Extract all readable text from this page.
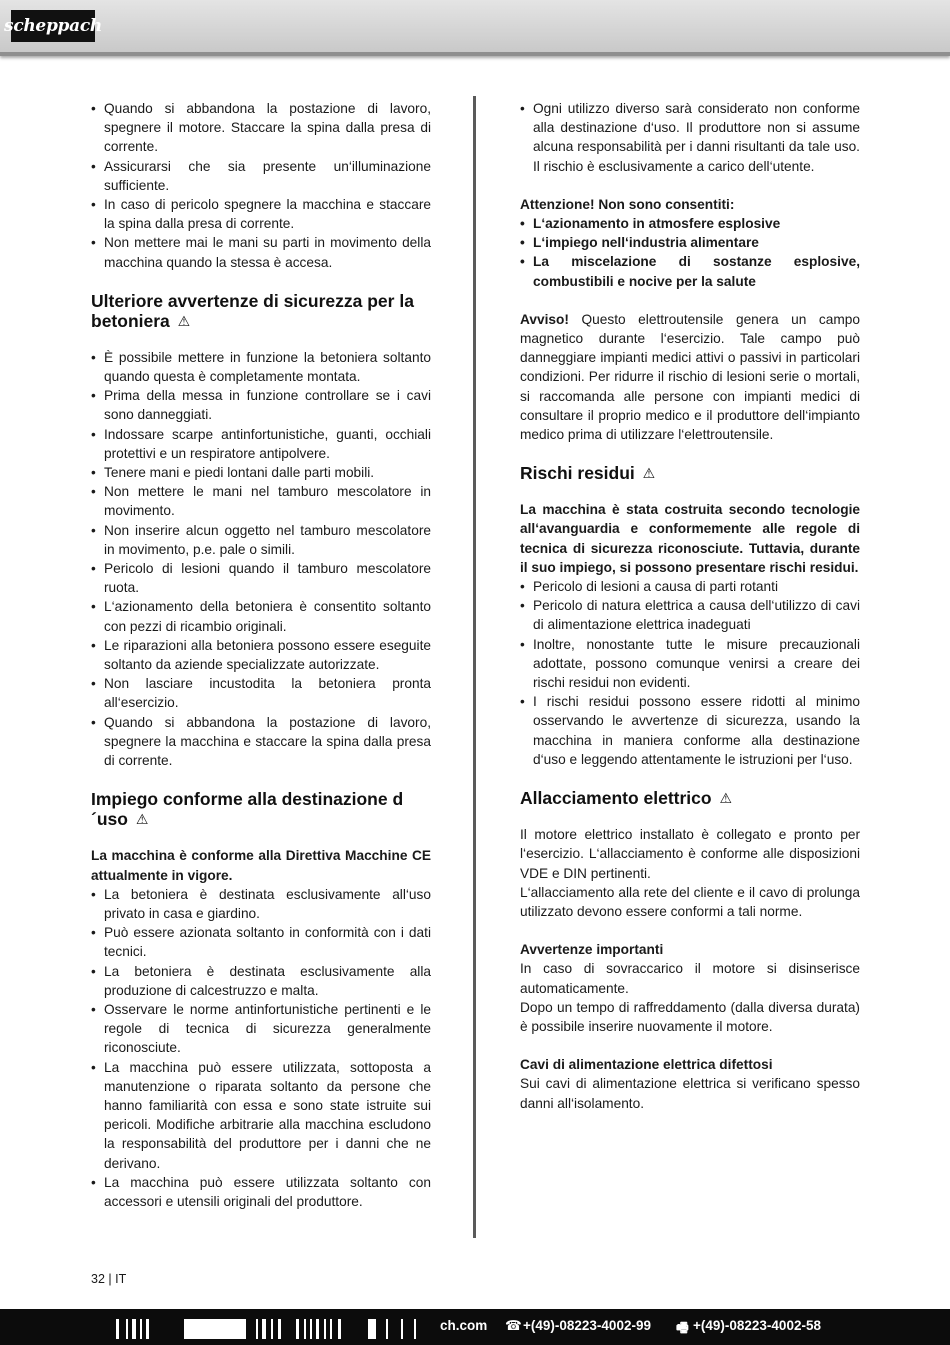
scheppach
• Quando si abbandona la postazione di lavoro, spegnere il motore. Staccare la spina dalla presa di corrente.
• Assicurarsi che sia presente un‘illuminazione sufficiente.
• In caso di pericolo spegnere la macchina e staccare la spina dalla presa di corrente.
• Non mettere mai le mani su parti in movimento della macchina quando la stessa è accesa.
Ulteriore avvertenze di sicurezza per la betoniera ⚠
• È possibile mettere in funzione la betoniera soltanto quando questa è completamente montata.
• Prima della messa in funzione controllare se i cavi sono danneggiati.
• Indossare scarpe antinfortunistiche, guanti, occhiali protettivi e un respiratore antipolvere.
• Tenere mani e piedi lontani dalle parti mobili.
• Non mettere le mani nel tamburo mescolatore in movimento.
• Non inserire alcun oggetto nel tamburo mescolatore in movimento, p.e. pale o simili.
• Pericolo di lesioni quando il tamburo mescolatore ruota.
• L‘azionamento della betoniera è consentito soltanto con pezzi di ricambio originali.
• Le riparazioni alla betoniera possono essere eseguite soltanto da aziende specializzate autorizzate.
• Non lasciare incustodita la betoniera pronta all‘esercizio.
• Quando si abbandona la postazione di lavoro, spegnere la macchina e staccare la spina dalla presa di corrente.
Impiego conforme alla destinazione d´uso ⚠

La macchina è conforme alla Direttiva Macchine CE attualmente in vigore.

• La betoniera è destinata esclusivamente all‘uso privato in casa e giardino.
• Può essere azionata soltanto in conformità con i dati tecnici.
• La betoniera è destinata esclusivamente alla produzione di calcestruzzo e malta.
• Osservare le norme antinfortunistiche pertinenti e le regole di tecnica di sicurezza generalmente riconosciute.
• La macchina può essere utilizzata, sottoposta a manutenzione o riparata soltanto da persone che hanno familiarità con essa e sono state istruite sui pericoli. Modifiche arbitrarie alla macchina escludono la responsabilità del produttore per i danni che ne derivano.
• La macchina può essere utilizzata soltanto con accessori e utensili originali del produttore.
• Ogni utilizzo diverso sarà considerato non conforme alla destinazione d‘uso. Il produttore non si assume alcuna responsabilità per i danni risultanti da tale uso. Il rischio è esclusivamente a carico dell‘utente.

Attenzione! Non sono consentiti:

• L‘azionamento in atmosfere esplosive
• L‘impiego nell‘industria alimentare
• La miscelazione di sostanze esplosive, combustibili e nocive per la salute

Avviso! Questo elettroutensile genera un campo magnetico durante l‘esercizio. Tale campo può danneggiare impianti medici attivi o passivi in particolari condizioni. Per ridurre il rischio di lesioni serie o mortali, si raccomanda alle persone con impianti medici di consultare il proprio medico e il produttore dell‘impianto medico prima di utilizzare l‘elettroutensile.

Rischi residui ⚠

La macchina è stata costruita secondo tecnologie all‘avanguardia e conformemente alle regole di tecnica di sicurezza riconosciute. Tuttavia, durante il suo impiego, si possono presentare rischi residui.

• Pericolo di lesioni a causa di parti rotanti
• Pericolo di natura elettrica a causa dell‘utilizzo di cavi di alimentazione elettrica inadeguati
• Inoltre, nonostante tutte le misure precauzionali adottate, possono comunque venirsi a creare dei rischi residui non evidenti.
• I rischi residui possono essere ridotti al minimo osservando le avvertenze di sicurezza, usando la macchina in maniera conforme alla destinazione d‘uso e leggendo attentamente le istruzioni per l‘uso.
Allacciamento elettrico ⚠

Il motore elettrico installato è collegato e pronto per l‘esercizio. L‘allacciamento è conforme alle disposizioni VDE e DIN pertinenti.

L‘allacciamento alla rete del cliente e il cavo di prolunga utilizzato devono essere conformi a tali norme.

Avvertenze importanti

In caso di sovraccarico il motore si disinserisce automaticamente.

Dopo un tempo di raffreddamento (dalla diversa durata) è possibile inserire nuovamente il motore.

Cavi di alimentazione elettrica difettosi

Sui cavi di alimentazione elettrica si verificano spesso danni all‘isolamento.

32 | IT
ch.com ☎ +(49)-08223-4002-99 🖷 +(49)-08223-4002-58
